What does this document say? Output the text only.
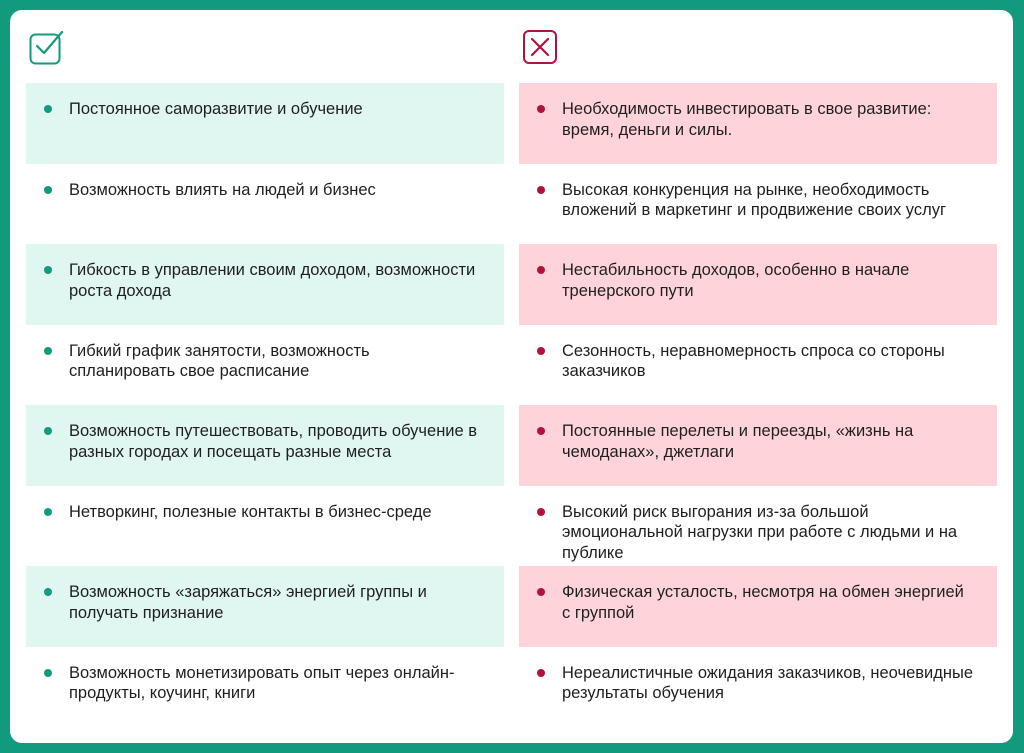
Постоянное саморазвитие и обучение
Возможность влиять на людей и бизнес
Гибкость в управлении своим доходом, возможности роста дохода
Гибкий график занятости, возможность спланировать свое расписание
Возможность путешествовать, проводить обучение в разных городах и посещать разные места
Нетворкинг, полезные контакты в бизнес-среде
Возможность «заряжаться» энергией группы и получать признание
Возможность монетизировать опыт через онлайн-продукты, коучинг, книги
Необходимость инвестировать в свое развитие: время, деньги и силы.
Высокая конкуренция на рынке, необходимость вложений в маркетинг и продвижение своих услуг
Нестабильность доходов, особенно в начале тренерского пути
Сезонность, неравномерность спроса со стороны заказчиков
Постоянные перелеты и переезды, «жизнь на чемоданах», джетлаги
Высокий риск выгорания из-за большой эмоциональной нагрузки при работе с людьми и на публике
Физическая усталость, несмотря на обмен энергией с группой
Нереалистичные ожидания заказчиков, неочевидные результаты обучения
